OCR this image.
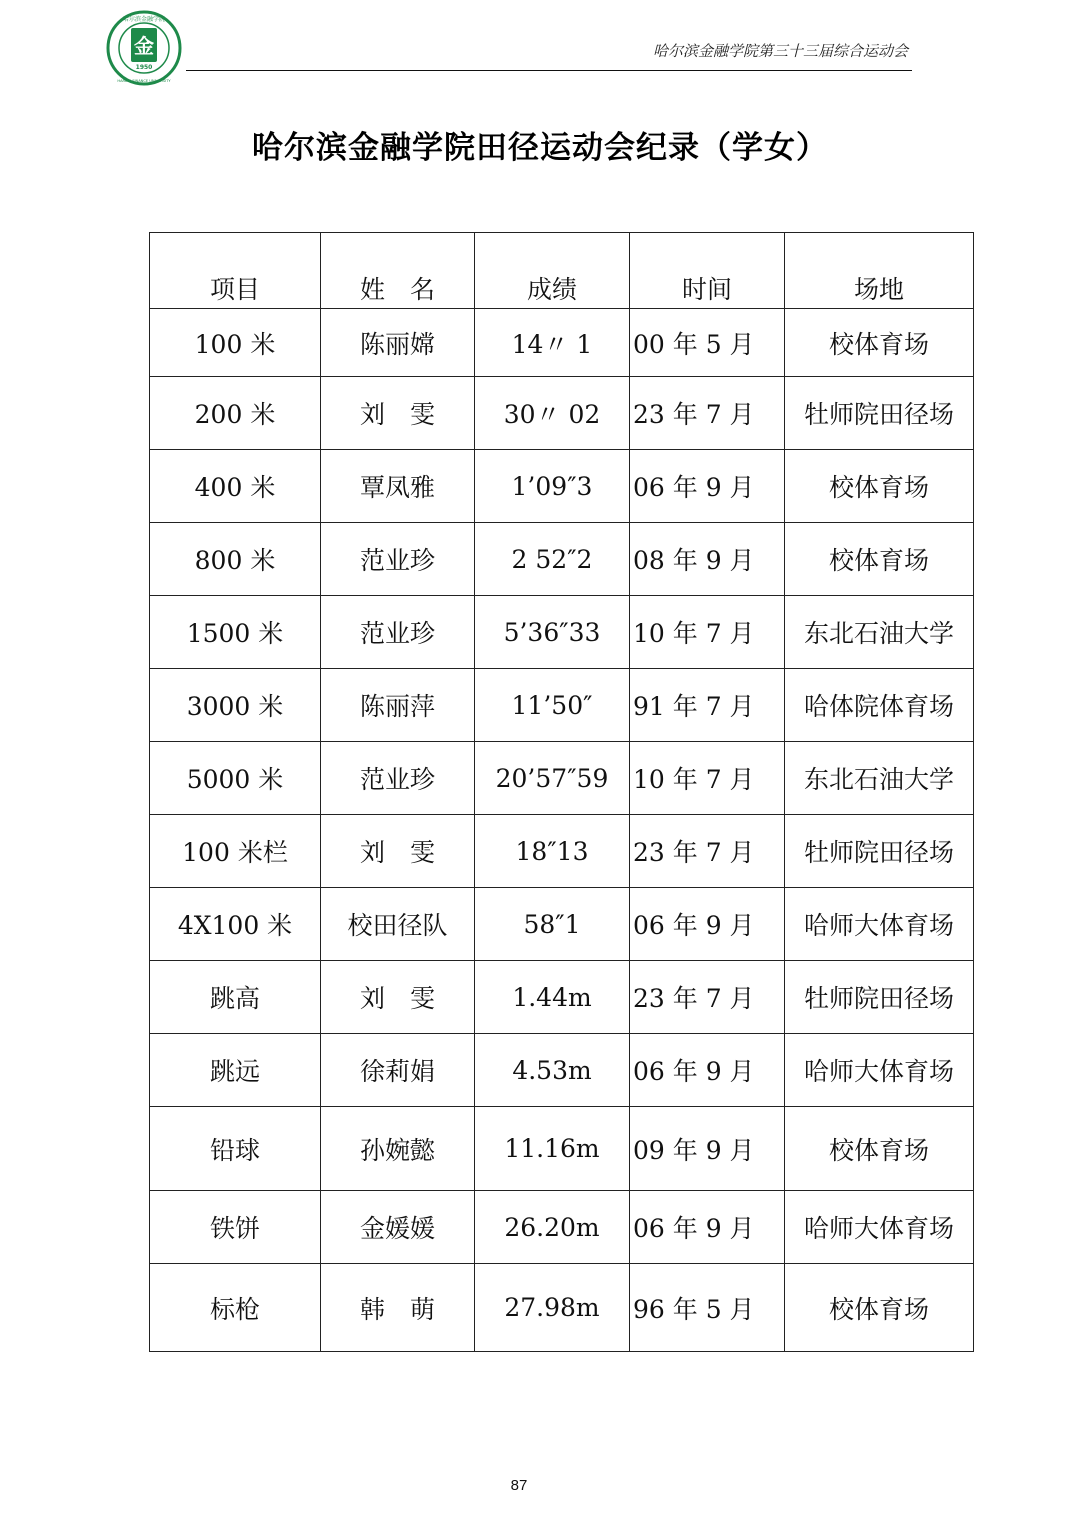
哈尔滨金融学院
HARBIN FINANCE UNIVERSITY
金
1950
哈尔滨金融学院第三十三届综合运动会
哈尔滨金融学院田径运动会纪录（学女）
项目	姓　名	成绩	时间	场地
100 米	陈丽嫦	14〃 1	00 年 5 月	校体育场
200 米	刘　雯	30〃 02	23 年 7 月	牡师院田径场
400 米	覃凤雅	1’09″3	06 年 9 月	校体育场
800 米	范业珍	2 52″2	08 年 9 月	校体育场
1500 米	范业珍	5’36″33	10 年 7 月	东北石油大学
3000 米	陈丽萍	11’50″	91 年 7 月	哈体院体育场
5000 米	范业珍	20’57″59	10 年 7 月	东北石油大学
100 米栏	刘　雯	18″13	23 年 7 月	牡师院田径场
4X100 米	校田径队	58″1	06 年 9 月	哈师大体育场
跳高	刘　雯	1.44m	23 年 7 月	牡师院田径场
跳远	徐莉娟	4.53m	06 年 9 月	哈师大体育场
铅球	孙婉懿	11.16m	09 年 9 月	校体育场
铁饼	金媛媛	26.20m	06 年 9 月	哈师大体育场
标枪	韩　萌	27.98m	96 年 5 月	校体育场
87
